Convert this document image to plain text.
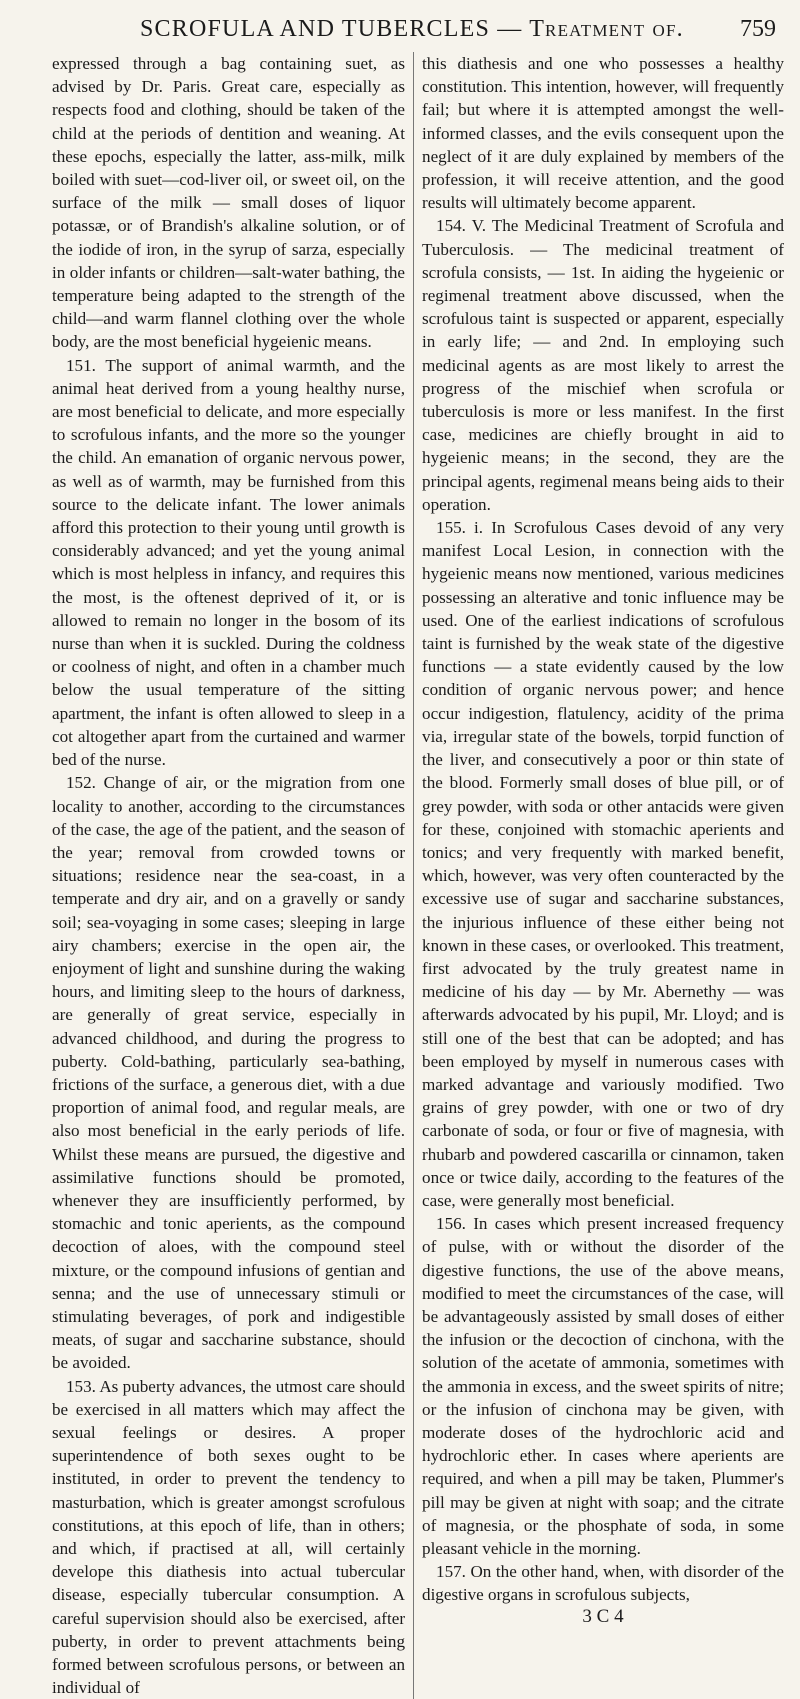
SCROFULA AND TUBERCLES — Treatment of. 759

expressed through a bag containing suet, as advised by Dr. Paris. Great care, especially as respects food and clothing, should be taken of the child at the periods of dentition and weaning. At these epochs, especially the latter, ass-milk, milk boiled with suet—cod-liver oil, or sweet oil, on the surface of the milk — small doses of liquor potassæ, or of Brandish's alkaline solution, or of the iodide of iron, in the syrup of sarza, especially in older infants or children—salt-water bathing, the temperature being adapted to the strength of the child—and warm flannel clothing over the whole body, are the most beneficial hygeienic means.

151. The support of animal warmth, and the animal heat derived from a young healthy nurse, are most beneficial to delicate, and more especially to scrofulous infants, and the more so the younger the child. An emanation of organic nervous power, as well as of warmth, may be furnished from this source to the delicate infant. The lower animals afford this protection to their young until growth is considerably advanced; and yet the young animal which is most helpless in infancy, and requires this the most, is the oftenest deprived of it, or is allowed to remain no longer in the bosom of its nurse than when it is suckled. During the coldness or coolness of night, and often in a chamber much below the usual temperature of the sitting apartment, the infant is often allowed to sleep in a cot altogether apart from the curtained and warmer bed of the nurse.

152. Change of air, or the migration from one locality to another, according to the circumstances of the case, the age of the patient, and the season of the year; removal from crowded towns or situations; residence near the sea-coast, in a temperate and dry air, and on a gravelly or sandy soil; sea-voyaging in some cases; sleeping in large airy chambers; exercise in the open air, the enjoyment of light and sunshine during the waking hours, and limiting sleep to the hours of darkness, are generally of great service, especially in advanced childhood, and during the progress to puberty. Cold-bathing, particularly sea-bathing, frictions of the surface, a generous diet, with a due proportion of animal food, and regular meals, are also most beneficial in the early periods of life. Whilst these means are pursued, the digestive and assimilative functions should be promoted, whenever they are insufficiently performed, by stomachic and tonic aperients, as the compound decoction of aloes, with the compound steel mixture, or the compound infusions of gentian and senna; and the use of unnecessary stimuli or stimulating beverages, of pork and indigestible meats, of sugar and saccharine substance, should be avoided.

153. As puberty advances, the utmost care should be exercised in all matters which may affect the sexual feelings or desires. A proper superintendence of both sexes ought to be instituted, in order to prevent the tendency to masturbation, which is greater amongst scrofulous constitutions, at this epoch of life, than in others; and which, if practised at all, will certainly develope this diathesis into actual tubercular disease, especially tubercular consumption. A careful supervision should also be exercised, after puberty, in order to prevent attachments being formed between scrofulous persons, or between an individual of

this diathesis and one who possesses a healthy constitution. This intention, however, will frequently fail; but where it is attempted amongst the well-informed classes, and the evils consequent upon the neglect of it are duly explained by members of the profession, it will receive attention, and the good results will ultimately become apparent.

154. V. The Medicinal Treatment of Scrofula and Tuberculosis. — The medicinal treatment of scrofula consists, — 1st. In aiding the hygeienic or regimenal treatment above discussed, when the scrofulous taint is suspected or apparent, especially in early life; — and 2nd. In employing such medicinal agents as are most likely to arrest the progress of the mischief when scrofula or tuberculosis is more or less manifest. In the first case, medicines are chiefly brought in aid to hygeienic means; in the second, they are the principal agents, regimenal means being aids to their operation.

155. i. In Scrofulous Cases devoid of any very manifest Local Lesion, in connection with the hygeienic means now mentioned, various medicines possessing an alterative and tonic influence may be used. One of the earliest indications of scrofulous taint is furnished by the weak state of the digestive functions — a state evidently caused by the low condition of organic nervous power; and hence occur indigestion, flatulency, acidity of the prima via, irregular state of the bowels, torpid function of the liver, and consecutively a poor or thin state of the blood. Formerly small doses of blue pill, or of grey powder, with soda or other antacids were given for these, conjoined with stomachic aperients and tonics; and very frequently with marked benefit, which, however, was very often counteracted by the excessive use of sugar and saccharine substances, the injurious influence of these either being not known in these cases, or overlooked. This treatment, first advocated by the truly greatest name in medicine of his day — by Mr. Abernethy — was afterwards advocated by his pupil, Mr. Lloyd; and is still one of the best that can be adopted; and has been employed by myself in numerous cases with marked advantage and variously modified. Two grains of grey powder, with one or two of dry carbonate of soda, or four or five of magnesia, with rhubarb and powdered cascarilla or cinnamon, taken once or twice daily, according to the features of the case, were generally most beneficial.

156. In cases which present increased frequency of pulse, with or without the disorder of the digestive functions, the use of the above means, modified to meet the circumstances of the case, will be advantageously assisted by small doses of either the infusion or the decoction of cinchona, with the solution of the acetate of ammonia, sometimes with the ammonia in excess, and the sweet spirits of nitre; or the infusion of cinchona may be given, with moderate doses of the hydrochloric acid and hydrochloric ether. In cases where aperients are required, and when a pill may be taken, Plummer's pill may be given at night with soap; and the citrate of magnesia, or the phosphate of soda, in some pleasant vehicle in the morning.

157. On the other hand, when, with disorder of the digestive organs in scrofulous subjects,

3 C 4
